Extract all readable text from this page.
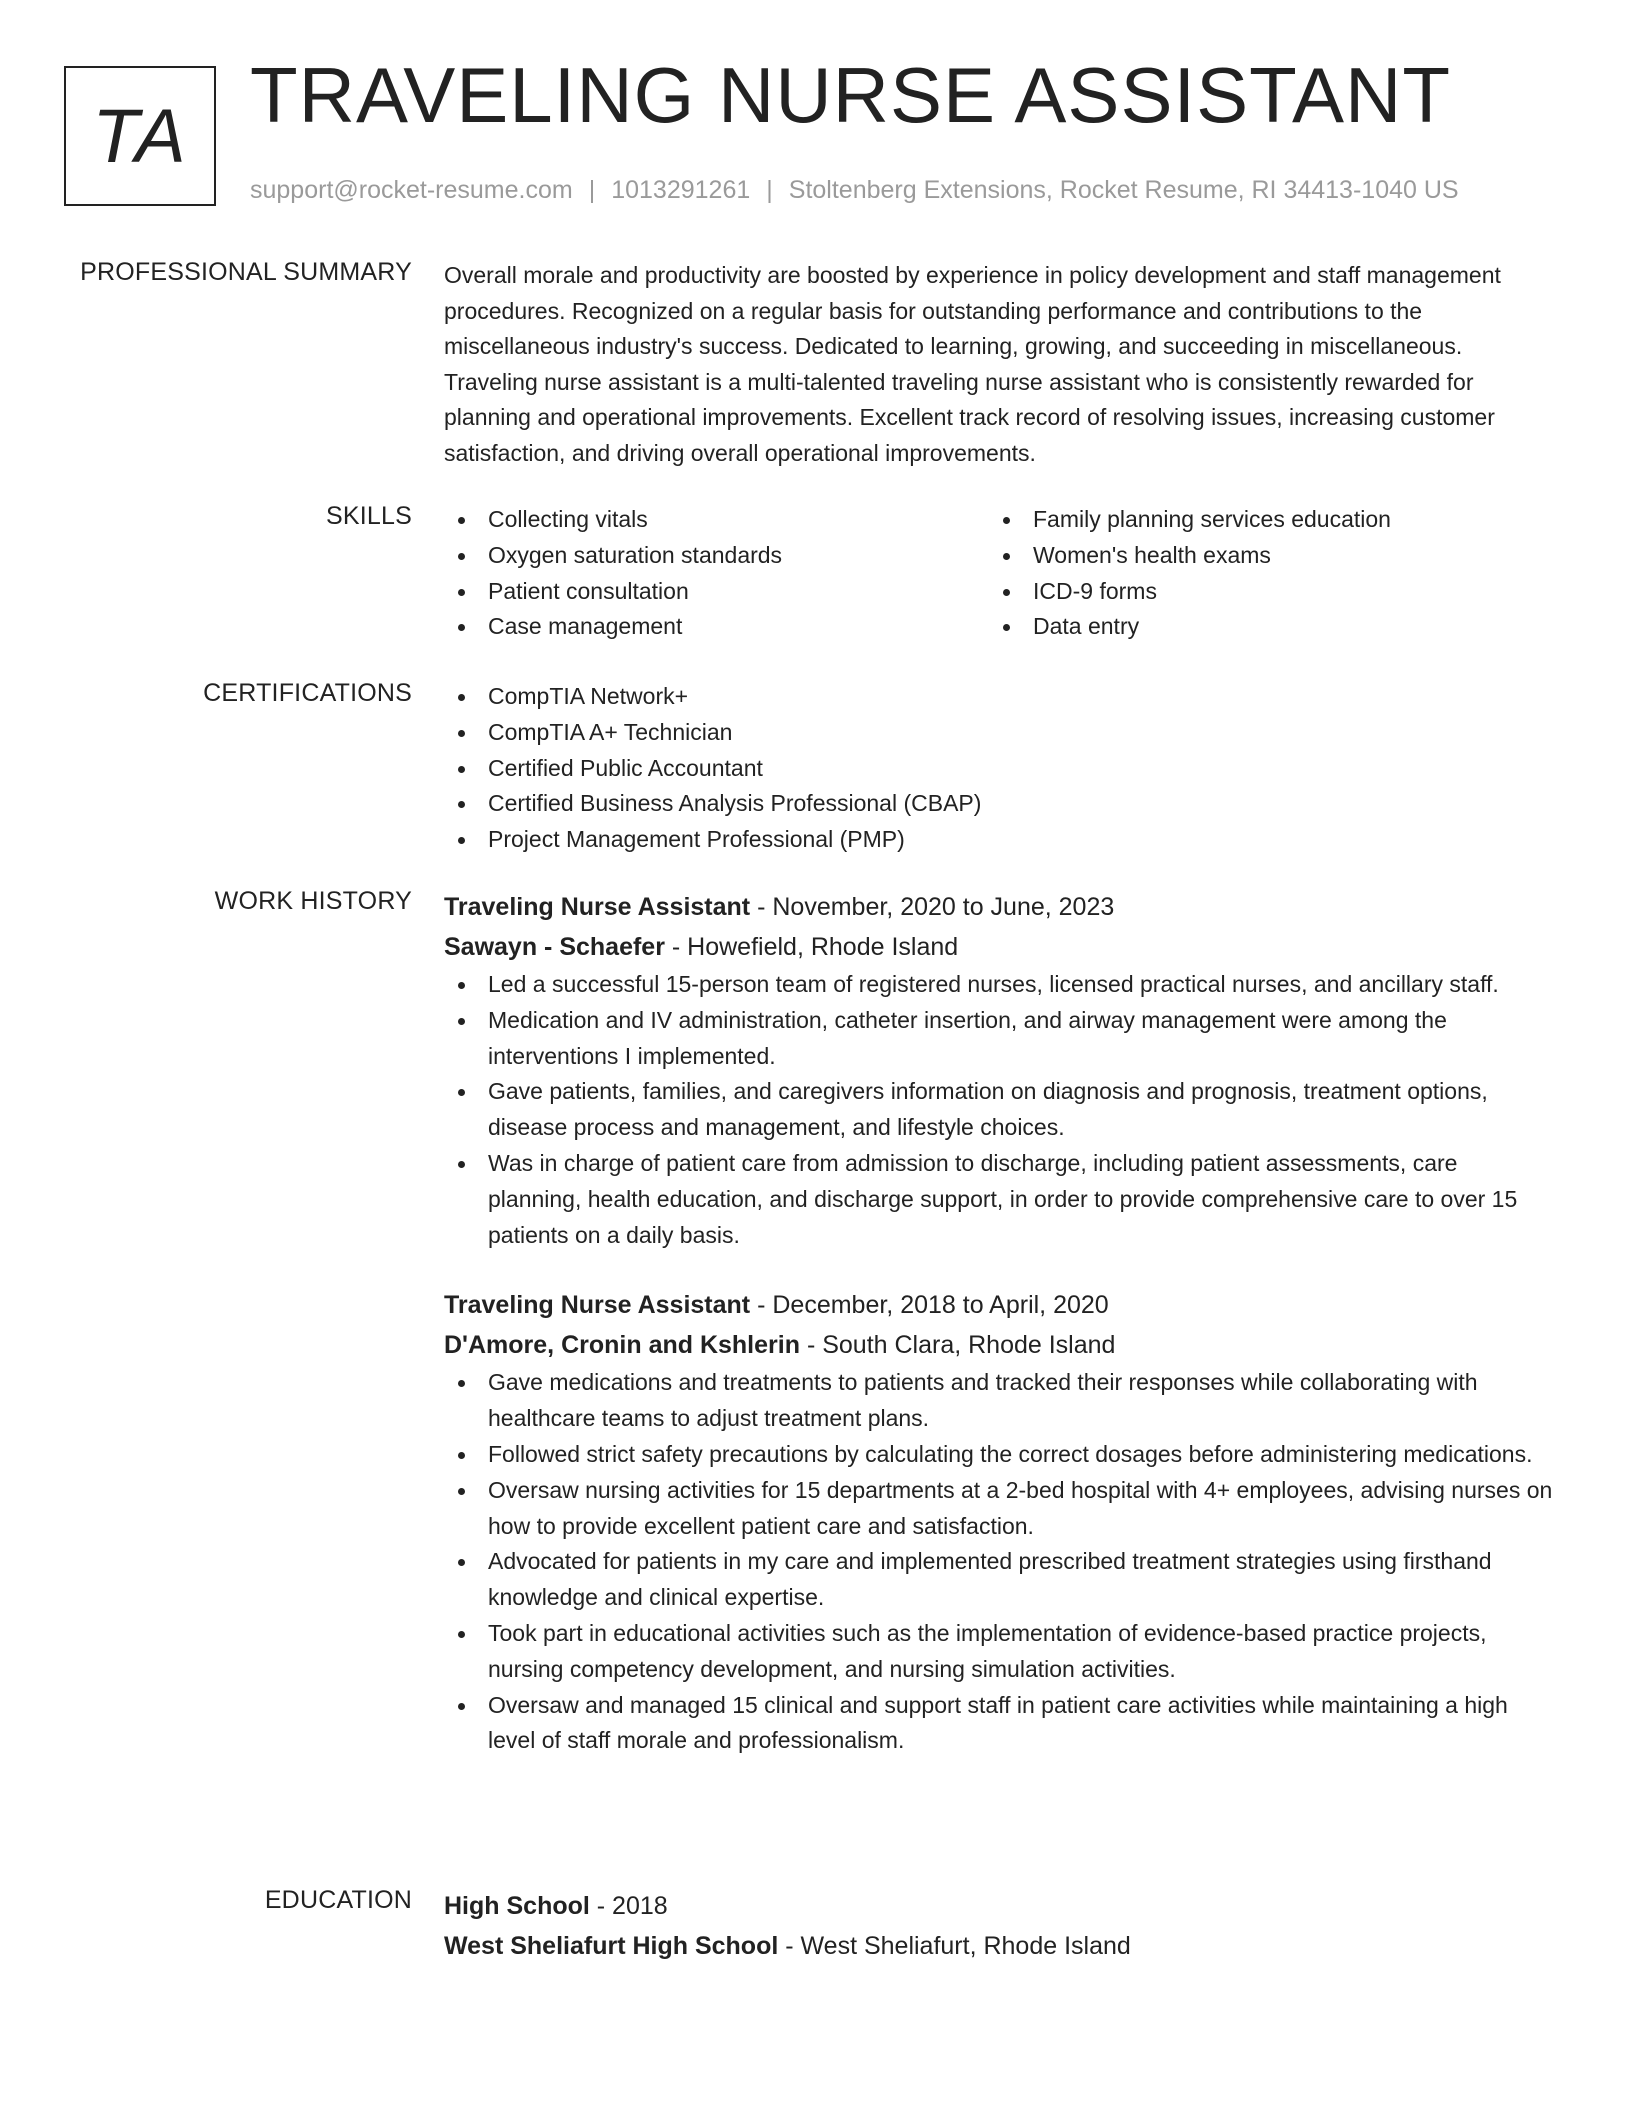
TA TRAVELING NURSE ASSISTANT
support@rocket-resume.com | 1013291261 | Stoltenberg Extensions, Rocket Resume, RI 34413-1040 US
PROFESSIONAL SUMMARY Overall morale and productivity are boosted by experience in policy development and staff management procedures. Recognized on a regular basis for outstanding performance and contributions to the miscellaneous industry's success. Dedicated to learning, growing, and succeeding in miscellaneous. Traveling nurse assistant is a multi-talented traveling nurse assistant who is consistently rewarded for planning and operational improvements. Excellent track record of resolving issues, increasing customer satisfaction, and driving overall operational improvements.

SKILLS	Collecting vitals
Oxygen saturation standards
Patient consultation
Case management
Family planning services education
Women's health exams
ICD-9 forms
Data entry
CERTIFICATIONS	CompTIA Network+
CompTIA A+ Technician
Certified Public Accountant
Certified Business Analysis Professional (CBAP)
Project Management Professional (PMP)
WORK HISTORY Traveling Nurse Assistant - November, 2020 to June, 2023
Sawayn - Schaefer - Howefield, Rhode Island
Led a successful 15-person team of registered nurses, licensed practical nurses, and ancillary staff.
Medication and IV administration, catheter insertion, and airway management were among the interventions I implemented.
Gave patients, families, and caregivers information on diagnosis and prognosis, treatment options, disease process and management, and lifestyle choices.
Was in charge of patient care from admission to discharge, including patient assessments, care planning, health education, and discharge support, in order to provide comprehensive care to over 15 patients on a daily basis.
Traveling Nurse Assistant - December, 2018 to April, 2020
D'Amore, Cronin and Kshlerin - South Clara, Rhode Island
Gave medications and treatments to patients and tracked their responses while collaborating with healthcare teams to adjust treatment plans.
Followed strict safety precautions by calculating the correct dosages before administering medications.
Oversaw nursing activities for 15 departments at a 2-bed hospital with 4+ employees, advising nurses on how to provide excellent patient care and satisfaction.
Advocated for patients in my care and implemented prescribed treatment strategies using firsthand knowledge and clinical expertise.
Took part in educational activities such as the implementation of evidence-based practice projects, nursing competency development, and nursing simulation activities.
Oversaw and managed 15 clinical and support staff in patient care activities while maintaining a high level of staff morale and professionalism.
EDUCATION High School - 2018
West Sheliafurt High School - West Sheliafurt, Rhode Island
